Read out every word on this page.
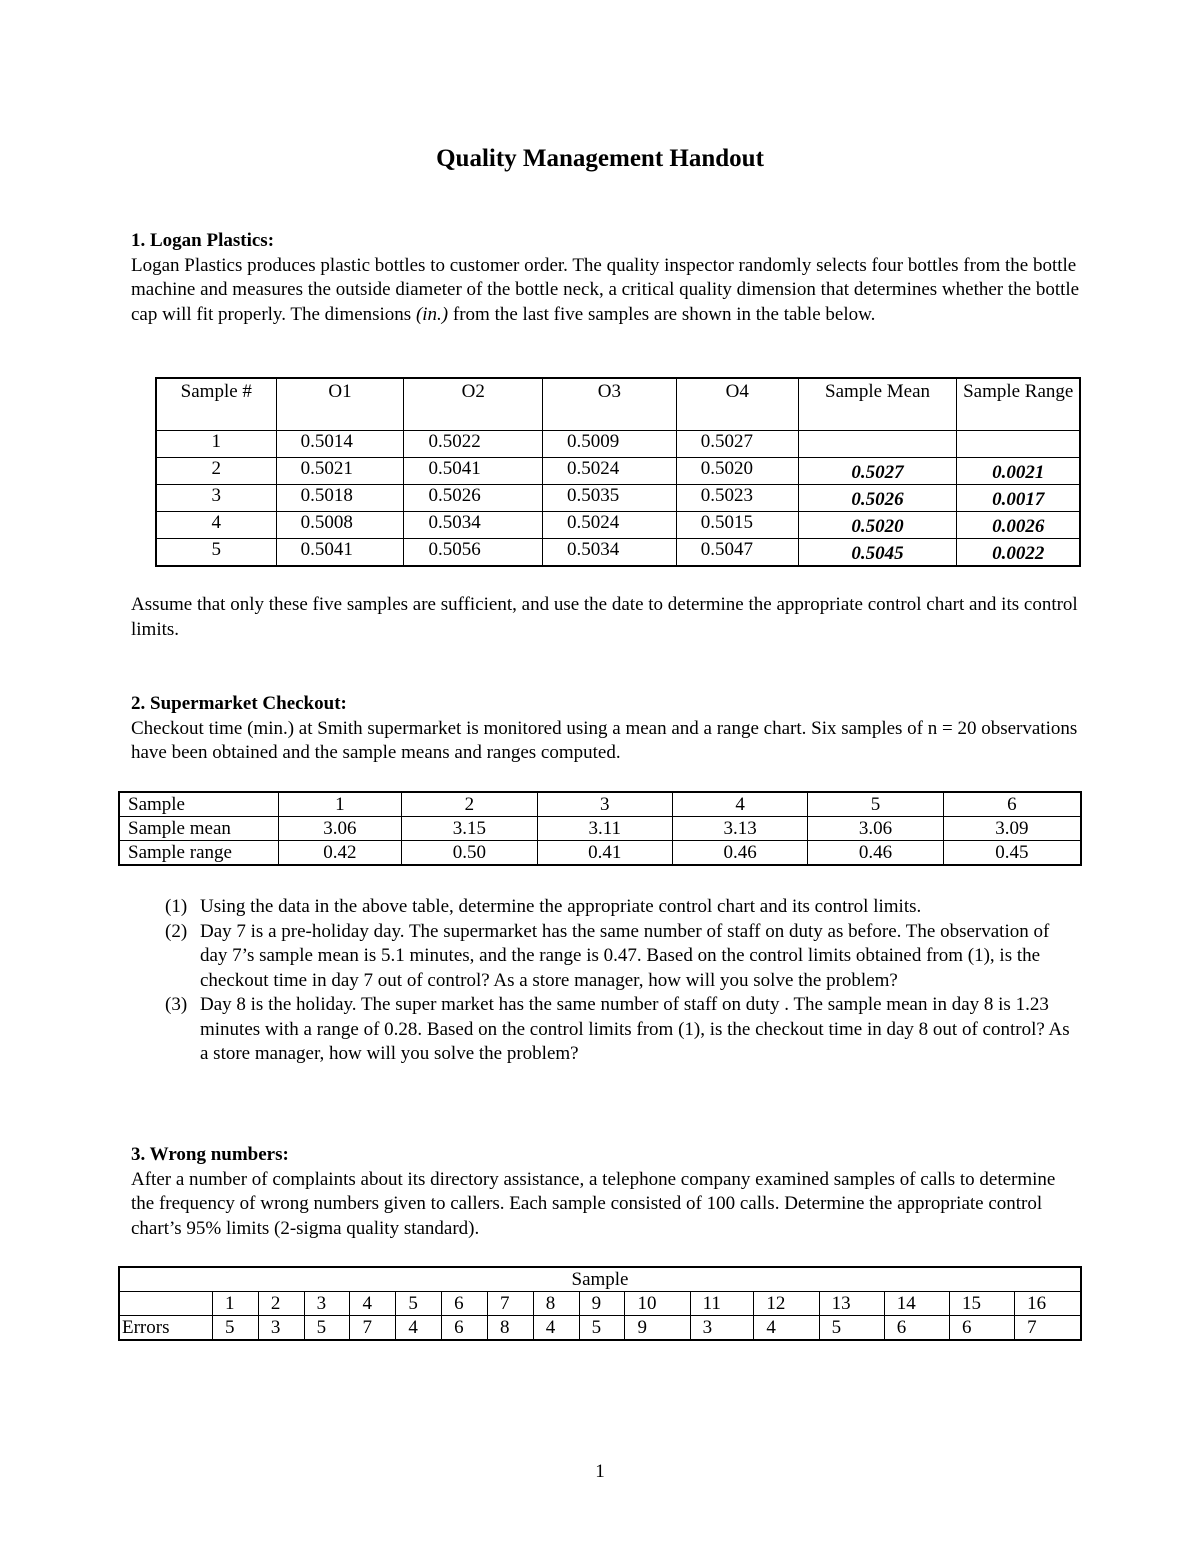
Quality Management Handout
1. Logan Plastics:
Logan Plastics produces plastic bottles to customer order. The quality inspector randomly selects four bottles from the bottle machine and measures the outside diameter of the bottle neck, a critical quality dimension that determines whether the bottle cap will fit properly. The dimensions (in.) from the last five samples are shown in the table below.
Sample #	O1	O2	O3	O4	Sample Mean	Sample Range
1	0.5014	0.5022	0.5009	0.5027		
2	0.5021	0.5041	0.5024	0.5020	0.5027	0.0021
3	0.5018	0.5026	0.5035	0.5023	0.5026	0.0017
4	0.5008	0.5034	0.5024	0.5015	0.5020	0.0026
5	0.5041	0.5056	0.5034	0.5047	0.5045	0.0022
Assume that only these five samples are sufficient, and use the date to determine the appropriate control chart and its control limits.
2. Supermarket Checkout:
Checkout time (min.) at Smith supermarket is monitored using a mean and a range chart. Six samples of n = 20 observations have been obtained and the sample means and ranges computed.
Sample	1	2	3	4	5	6
Sample mean	3.06	3.15	3.11	3.13	3.06	3.09
Sample range	0.42	0.50	0.41	0.46	0.46	0.45
(1) Using the data in the above table, determine the appropriate control chart and its control limits.
(2) Day 7 is a pre-holiday day. The supermarket has the same number of staff on duty as before. The observation of day 7’s sample mean is 5.1 minutes, and the range is 0.47. Based on the control limits obtained from (1), is the checkout time in day 7 out of control? As a store manager, how will you solve the problem?
(3) Day 8 is the holiday. The super market has the same number of staff on duty . The sample mean in day 8 is 1.23 minutes with a range of 0.28. Based on the control limits from (1), is the checkout time in day 8 out of control? As a store manager, how will you solve the problem?
3. Wrong numbers:
After a number of complaints about its directory assistance, a telephone company examined samples of calls to determine the frequency of wrong numbers given to callers. Each sample consisted of 100 calls. Determine the appropriate control chart’s 95% limits (2-sigma quality standard).
Sample																
	1	2	3	4	5	6	7	8	9	10	11	12	13	14	15	16
Errors	5	3	5	7	4	6	8	4	5	9	3	4	5	6	6	7
1
